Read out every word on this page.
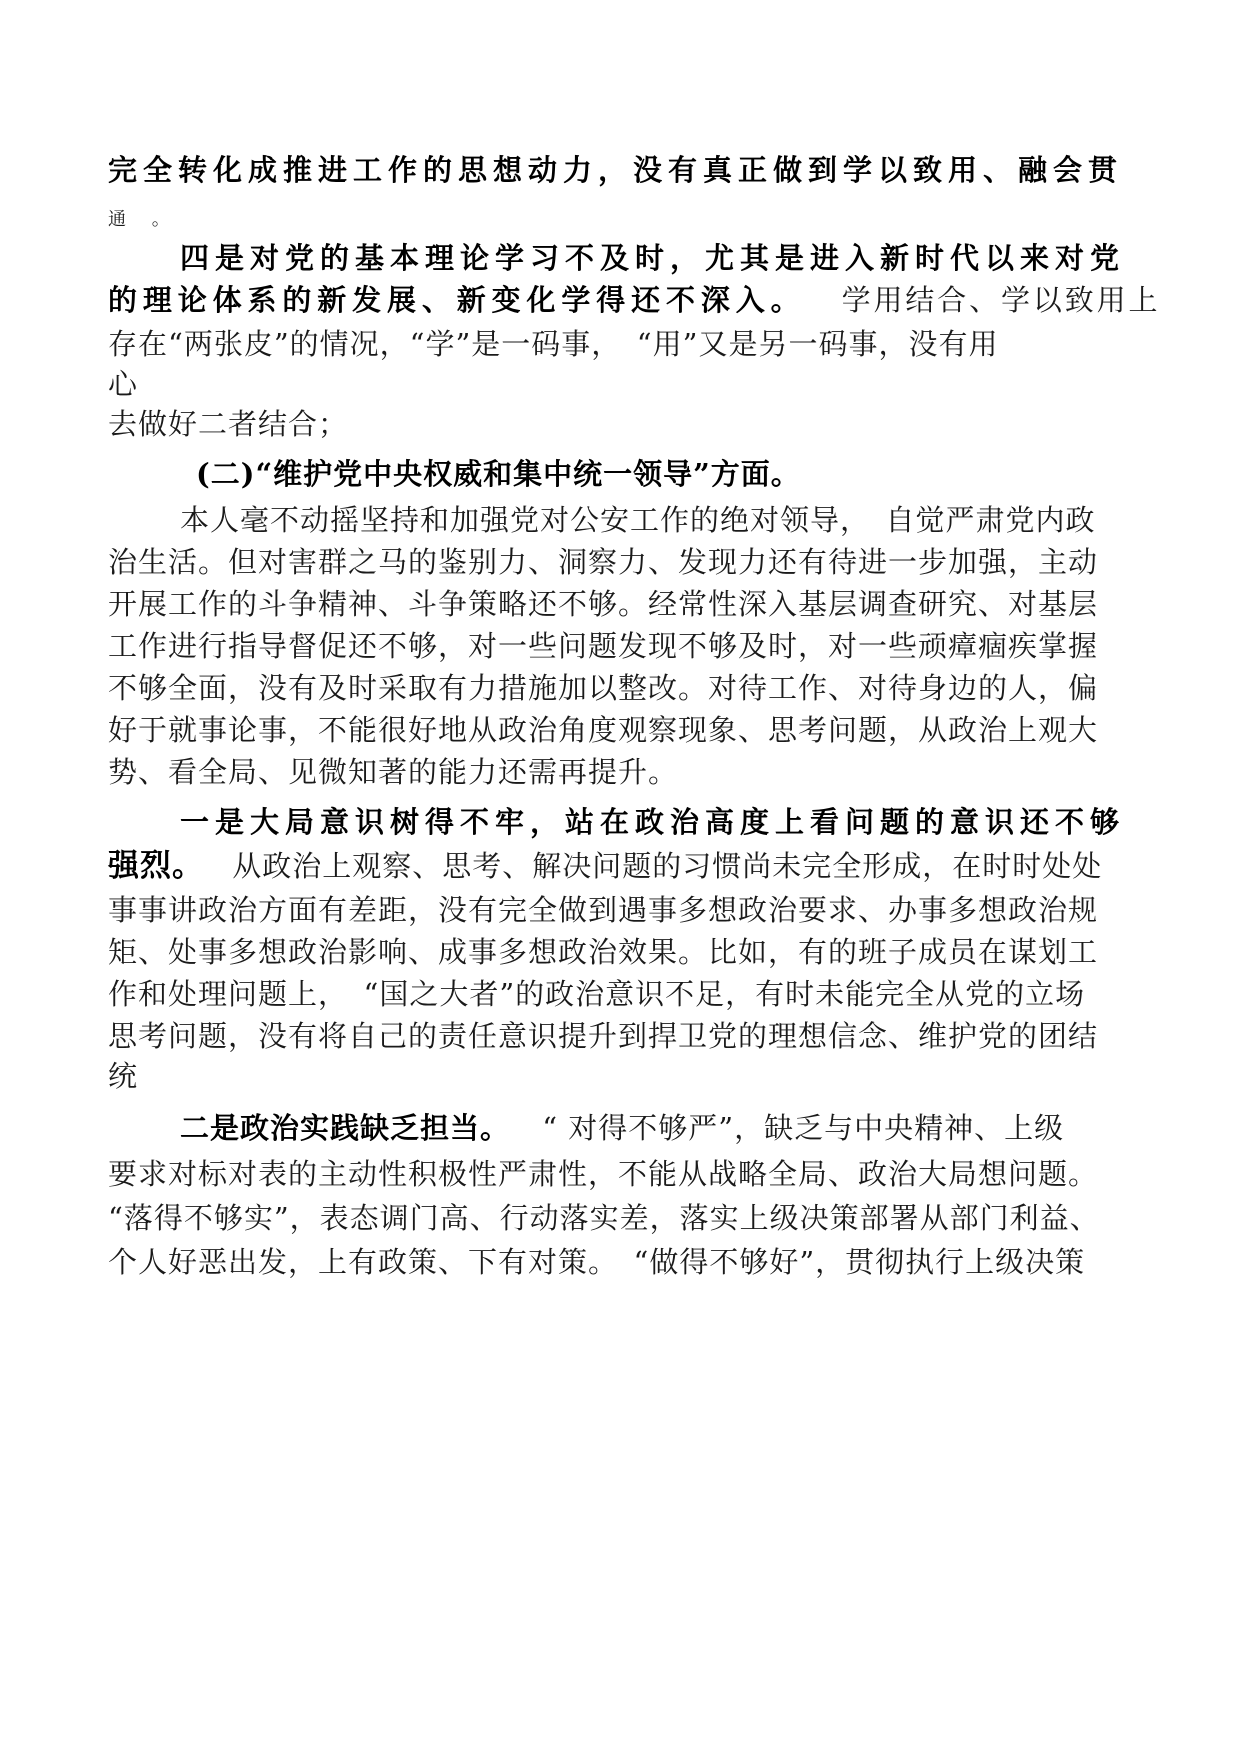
完全转化成推进工作的思想动力，没有真正做到学以致用、融会贯
通 。
四是对党的基本理论学习不及时，尤其是进入新时代以来对党
的理论体系的新发展、新变化学得还不深入。 学用结合、学以致用上
存在“两张皮”的情况，“学”是一码事，　“用”又是另一码事，没有用
心
去做好二者结合；
(二)“维护党中央权威和集中统一领导”方面。
本人毫不动摇坚持和加强党对公安工作的绝对领导，　自觉严肃党内政
治生活。但对害群之马的鉴别力、洞察力、发现力还有待进一步加强，主动
开展工作的斗争精神、斗争策略还不够。经常性深入基层调查研究、对基层
工作进行指导督促还不够，对一些问题发现不够及时，对一些顽瘴痼疾掌握
不够全面，没有及时采取有力措施加以整改。对待工作、对待身边的人，偏
好于就事论事，不能很好地从政治角度观察现象、思考问题，从政治上观大
势、看全局、见微知著的能力还需再提升。
一是大局意识树得不牢，站在政治高度上看问题的意识还不够
强烈。 从政治上观察、思考、解决问题的习惯尚未完全形成，在时时处处
事事讲政治方面有差距，没有完全做到遇事多想政治要求、办事多想政治规
矩、处事多想政治影响、成事多想政治效果。比如，有的班子成员在谋划工
作和处理问题上，　“国之大者”的政治意识不足，有时未能完全从党的立场
思考问题，没有将自己的责任意识提升到捍卫党的理想信念、维护党的团结
统
二是政治实践缺乏担当。 “ 对得不够严”，缺乏与中央精神、上级
要求对标对表的主动性积极性严肃性，不能从战略全局、政治大局想问题。
“落得不够实”，表态调门高、行动落实差，落实上级决策部署从部门利益、
个人好恶出发，上有政策、下有对策。　“做得不够好”，贯彻执行上级决策
